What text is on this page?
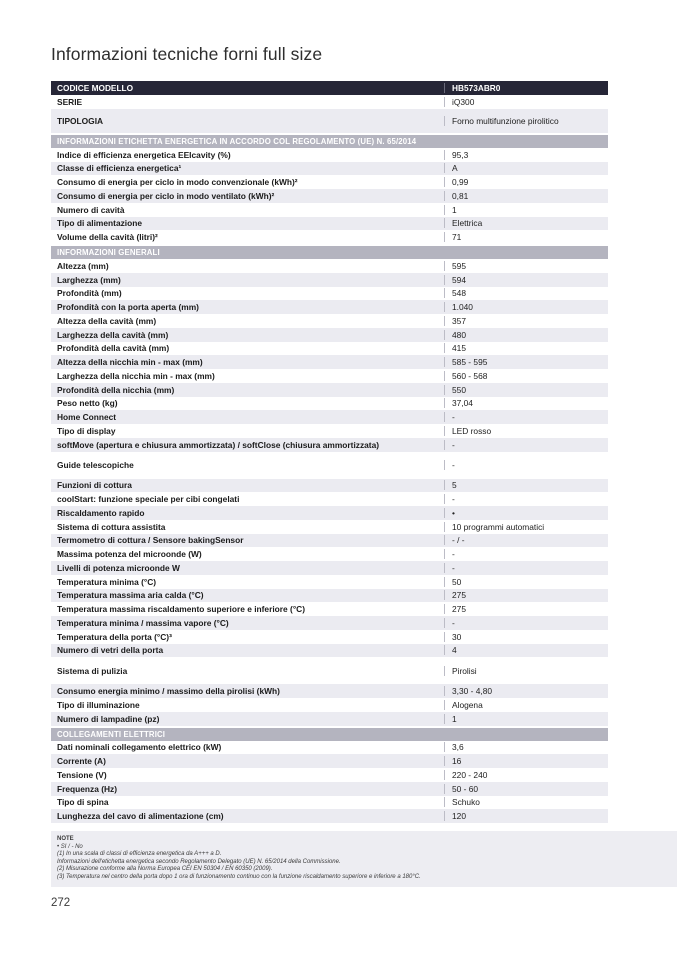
Informazioni tecniche forni full size
CODICE MODELLO	HB573ABR0
SERIE	iQ300
TIPOLOGIA	Forno multifunzione pirolitico
INFORMAZIONI ETICHETTA ENERGETICA IN ACCORDO COL REGOLAMENTO (UE) N. 65/2014
Indice di efficienza energetica EEIcavity (%)	95,3
Classe di efficienza energetica¹	A
Consumo di energia per ciclo in modo convenzionale (kWh)²	0,99
Consumo di energia per ciclo in modo ventilato (kWh)²	0,81
Numero di cavità	1
Tipo di alimentazione	Elettrica
Volume della cavità (litri)²	71
INFORMAZIONI GENERALI
Altezza (mm)	595
Larghezza (mm)	594
Profondità (mm)	548
Profondità con la porta aperta (mm)	1.040
Altezza della cavità (mm)	357
Larghezza della cavità (mm)	480
Profondità della cavità (mm)	415
Altezza della nicchia min - max (mm)	585 - 595
Larghezza della nicchia min - max (mm)	560 - 568
Profondità della nicchia (mm)	550
Peso netto (kg)	37,04
Home Connect	-
Tipo di display	LED rosso
softMove (apertura e chiusura ammortizzata) / softClose (chiusura ammortizzata)	-
Guide telescopiche	-
Funzioni di cottura	5
coolStart: funzione speciale per cibi congelati	-
Riscaldamento rapido	•
Sistema di cottura assistita	10 programmi automatici
Termometro di cottura / Sensore bakingSensor	- / -
Massima potenza del microonde (W)	-
Livelli di potenza microonde W	-
Temperatura minima (°C)	50
Temperatura massima aria calda (°C)	275
Temperatura massima riscaldamento superiore e inferiore (°C)	275
Temperatura minima / massima vapore (°C)	-
Temperatura della porta (°C)³	30
Numero di vetri della porta	4
Sistema di pulizia	Pirolisi
Consumo energia minimo / massimo della pirolisi (kWh)	3,30 - 4,80
Tipo di illuminazione	Alogena
Numero di lampadine (pz)	1
COLLEGAMENTI ELETTRICI
Dati nominali collegamento elettrico (kW)	3,6
Corrente (A)	16
Tensione (V)	220 - 240
Frequenza (Hz)	50 - 60
Tipo di spina	Schuko
Lunghezza del cavo di alimentazione (cm)	120
NOTE
• SI / - No
(1) In una scala di classi di efficienza energetica da A+++ a D.
Informazioni dell'etichetta energetica secondo Regolamento Delegato (UE) N. 65/2014 della Commissione.
(2) Misurazione conforme alla Norma Europea CEI EN 50304 / EN 60350 (2009).
(3) Temperatura nel centro della porta dopo 1 ora di funzionamento continuo con la funzione riscaldamento superiore e inferiore a 180°C.
272
